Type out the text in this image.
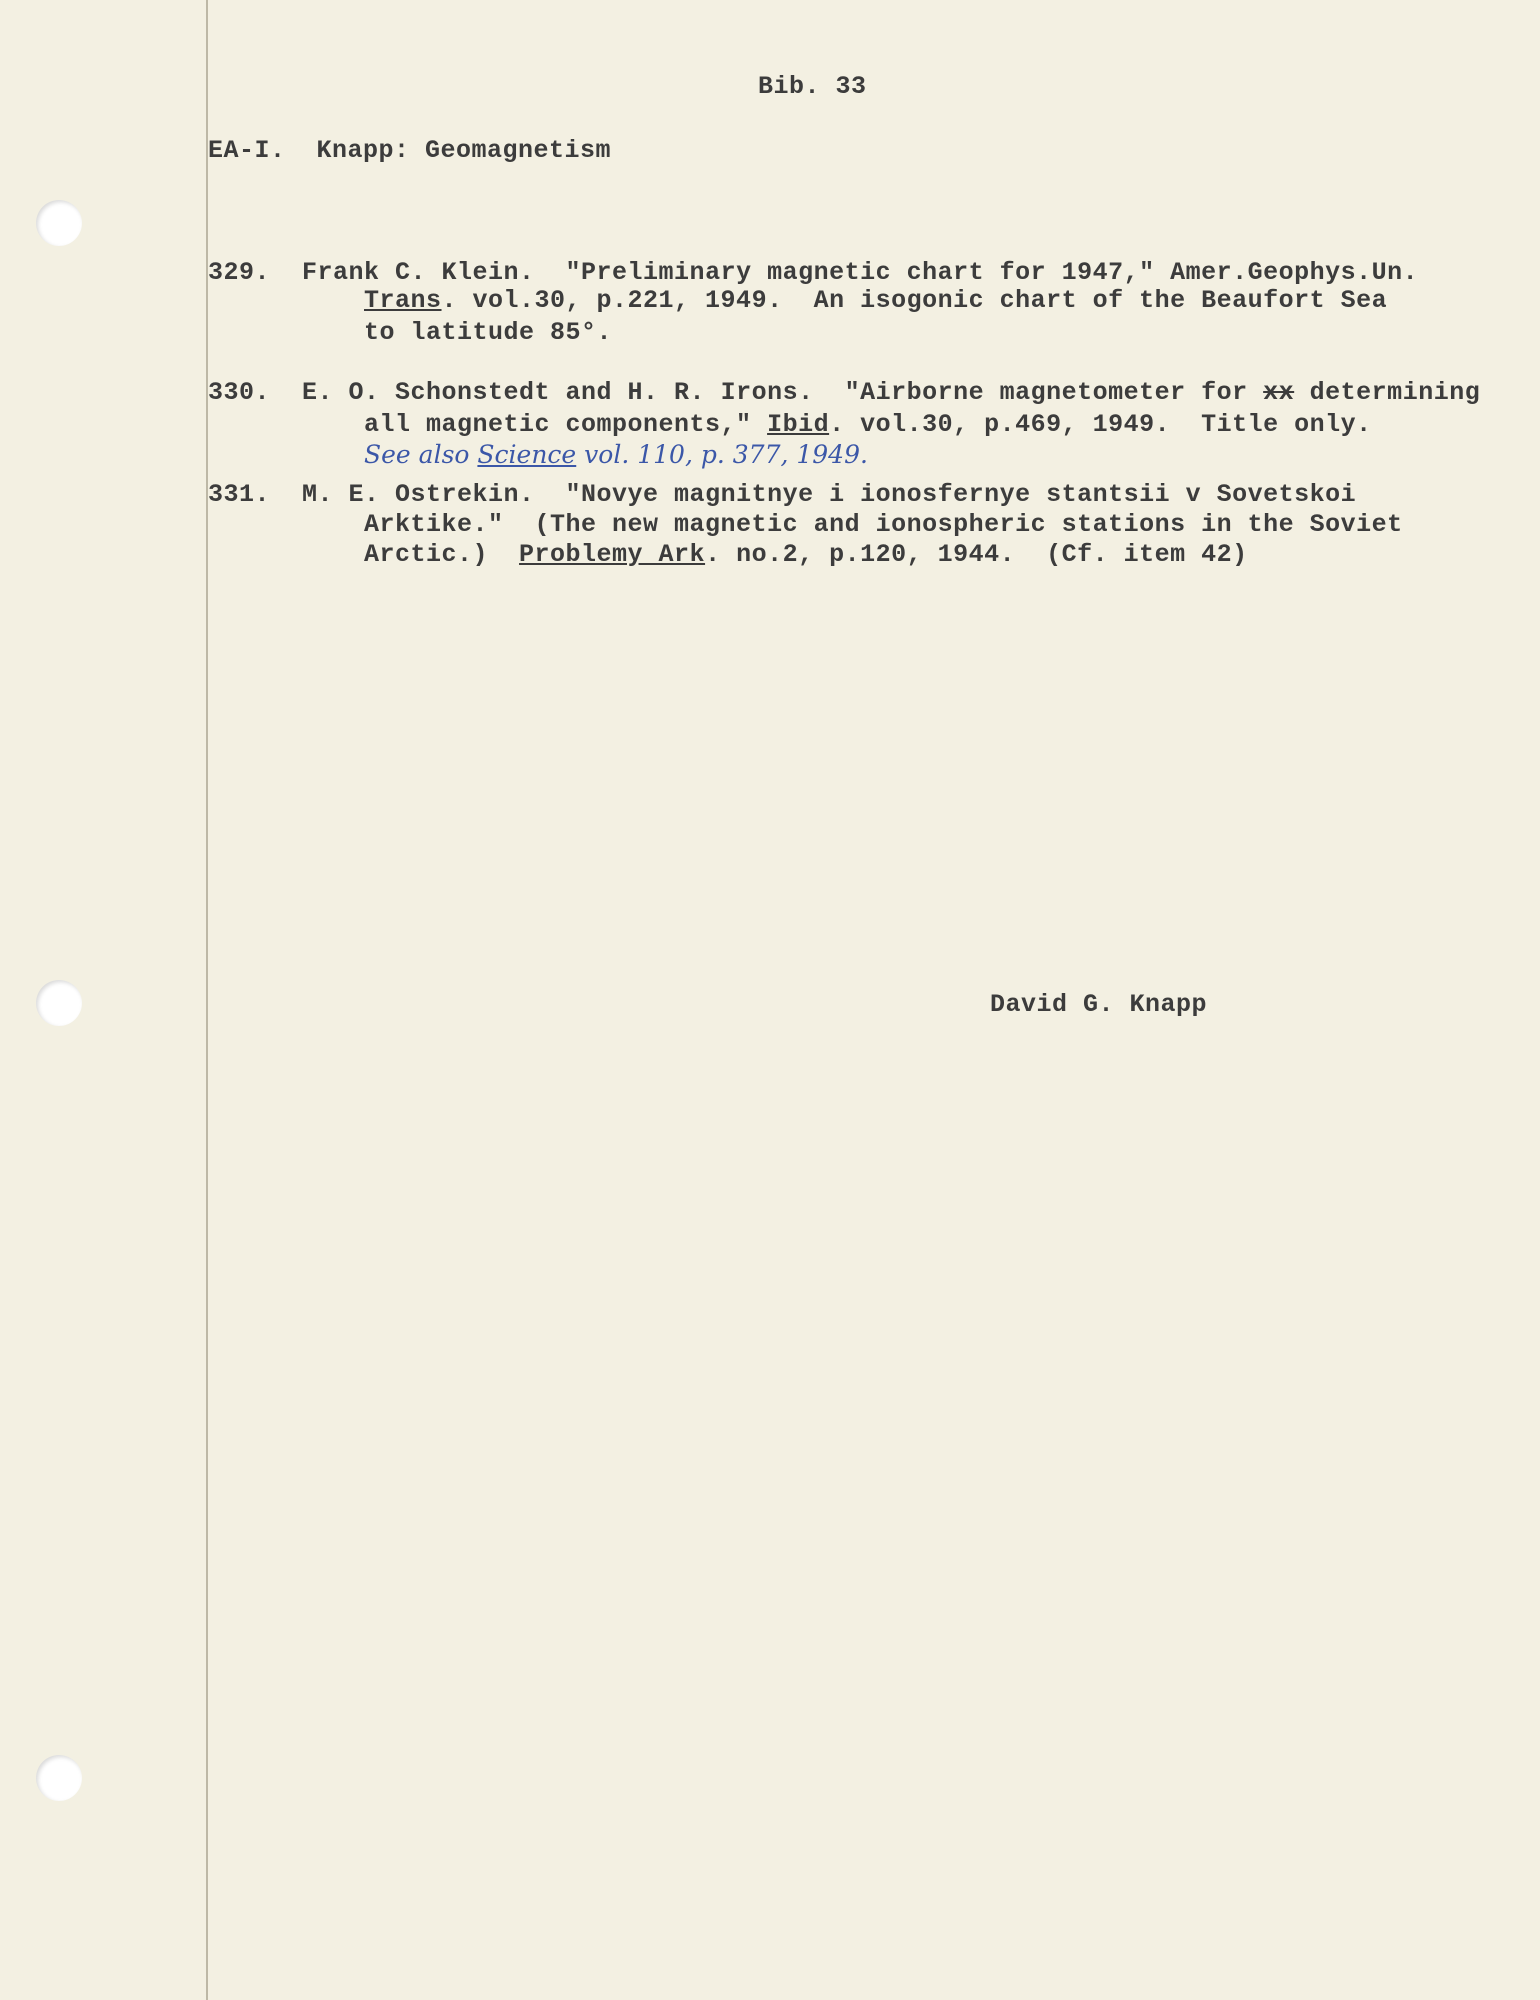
Bib. 33
EA-I.  Knapp: Geomagnetism
329. Frank C. Klein.  "Preliminary magnetic chart for 1947," Amer.Geophys.Un.
Trans. vol.30, p.221, 1949.  An isogonic chart of the Beaufort Sea
to latitude 85°.
330. E. O. Schonstedt and H. R. Irons.  "Airborne magnetometer for xx determining
all magnetic components," Ibid. vol.30, p.469, 1949.  Title only.
See also Science vol. 110, p. 377, 1949.
331. M. E. Ostrekin.  "Novye magnitnye i ionosfernye stantsii v Sovetskoi
Arktike."  (The new magnetic and ionospheric stations in the Soviet
Arctic.)  Problemy Ark. no.2, p.120, 1944.  (Cf. item 42)
David G. Knapp
